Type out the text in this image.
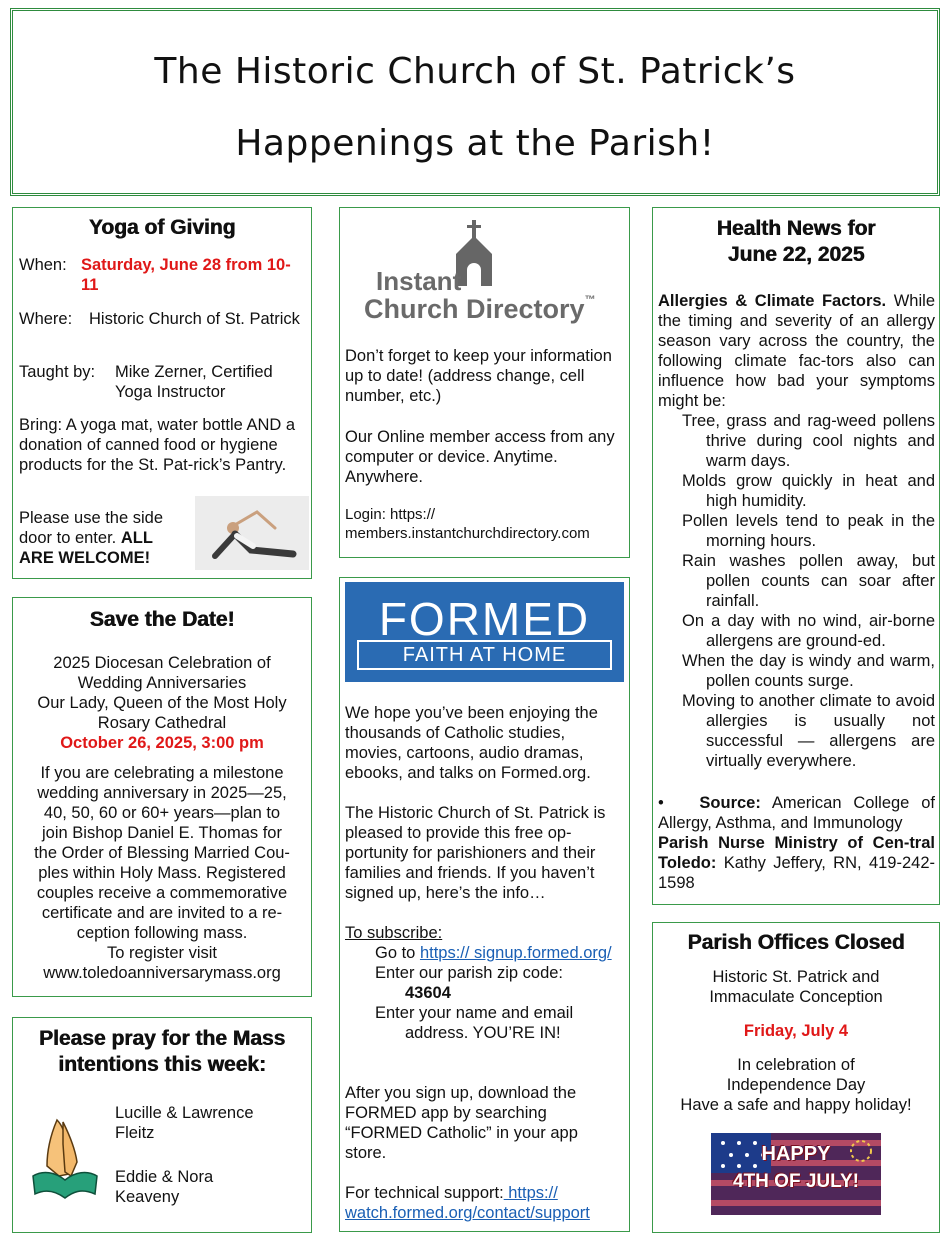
The Historic Church of St. Patrick’s
Happenings at the Parish!
Yoga of Giving
When: Saturday, June 28 from 10-11
Where:	Historic Church of St. Patrick
Taught by:	Mike Zerner, Certified Yoga Instructor
Bring: A yoga mat, water bottle AND a donation of canned food or hygiene products for the St. Pat-rick’s Pantry.
Please use the side door to enter. ALL ARE WELCOME!
Save the Date!
2025 Diocesan Celebration of
Wedding Anniversaries
Our Lady, Queen of the Most Holy
Rosary Cathedral
October 26, 2025, 3:00 pm
If you are celebrating a milestone
wedding anniversary in 2025—25,
40, 50, 60 or 60+ years—plan to
join Bishop Daniel E. Thomas for
the Order of Blessing Married Cou-
ples within Holy Mass. Registered
couples receive a commemorative
certificate and are invited to a re-
ception following mass.
To register visit
www.toledoanniversarymass.org
Please pray for the Mass
intentions this week:
Lucille & Lawrence Fleitz
Eddie & Nora Keaveny
Instant
Church Directory™
Don’t forget to keep your information up to date! (address change, cell number, etc.)
Our Online member access from any computer or device. Anytime. Anywhere.
Login: https:// members.instantchurchdirectory.com
FORMED
FAITH AT HOME
We hope you’ve been enjoying the thousands of Catholic studies, movies, cartoons, audio dramas, ebooks, and talks on Formed.org.
The Historic Church of St. Patrick is pleased to provide this free op-portunity for parishioners and their families and friends. If you haven’t signed up, here’s the info…
To subscribe:
Go to https:// signup.formed.org/
Enter our parish zip code:
43604
Enter your name and email address. YOU’RE IN!
After you sign up, download the FORMED app by searching “FORMED Catholic” in your app store.
For technical support: https:// watch.formed.org/contact/support
Health News for
June 22, 2025
Allergies & Climate Factors. While the timing and severity of an allergy season vary across the country, the following climate fac-tors also can influence how bad your symptoms might be:
Tree, grass and rag-weed pollens thrive during cool nights and warm days.
Molds grow quickly in heat and high humidity.
Pollen levels tend to peak in the morning hours.
Rain washes pollen away, but pollen counts can soar after rainfall.
On a day with no wind, air-borne allergens are ground-ed.
When the day is windy and warm, pollen counts surge.
Moving to another climate to avoid allergies is usually not successful — allergens are virtually everywhere.
• Source: American College of Allergy, Asthma, and Immunology
Parish Nurse Ministry of Cen-tral Toledo: Kathy Jeffery, RN, 419-242-1598
Parish Offices Closed
Historic St. Patrick and
Immaculate Conception
Friday, July 4
In celebration of
Independence Day
Have a safe and happy holiday!
HAPPY
4TH OF JULY!
